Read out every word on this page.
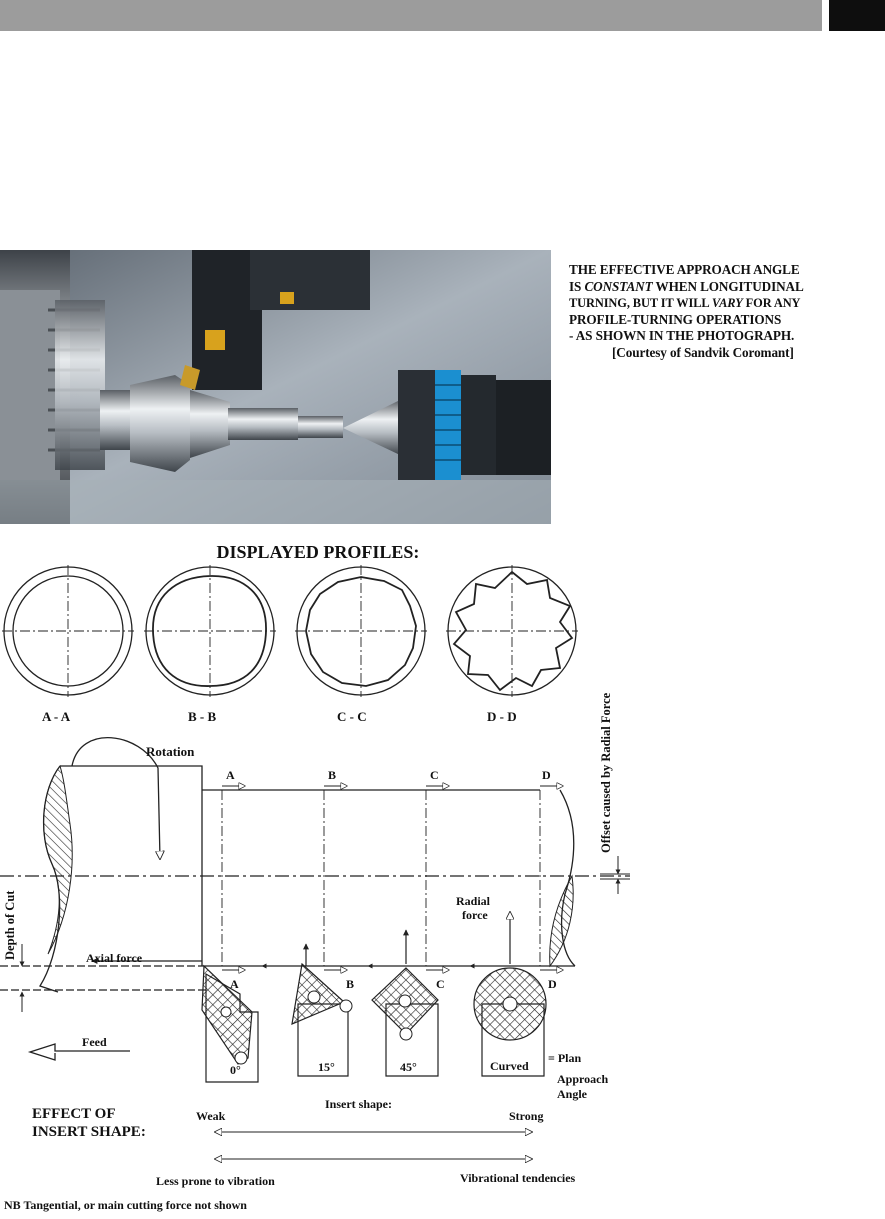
THE EFFECTIVE APPROACH ANGLE
IS CONSTANT WHEN LONGITUDINAL
TURNING, BUT IT WILL VARY FOR ANY
PROFILE-TURNING OPERATIONS
- AS SHOWN IN THE PHOTOGRAPH.
[Courtesy of Sandvik Coromant]
DISPLAYED PROFILES:
A - A	B - B	C - C	D - D	Offset caused by Radial Force
A	B	C	D
A	B	C	D
Rotation
Depth of Cut	Axial force
Radial
force
Feed
0°	15°	45°	Curved
= Plan
Approach
Angle
Insert shape:
EFFECT OF
INSERT SHAPE:
Weak	Strong
Less prone to vibration	Vibrational tendencies
NB Tangential, or main cutting force not shown
